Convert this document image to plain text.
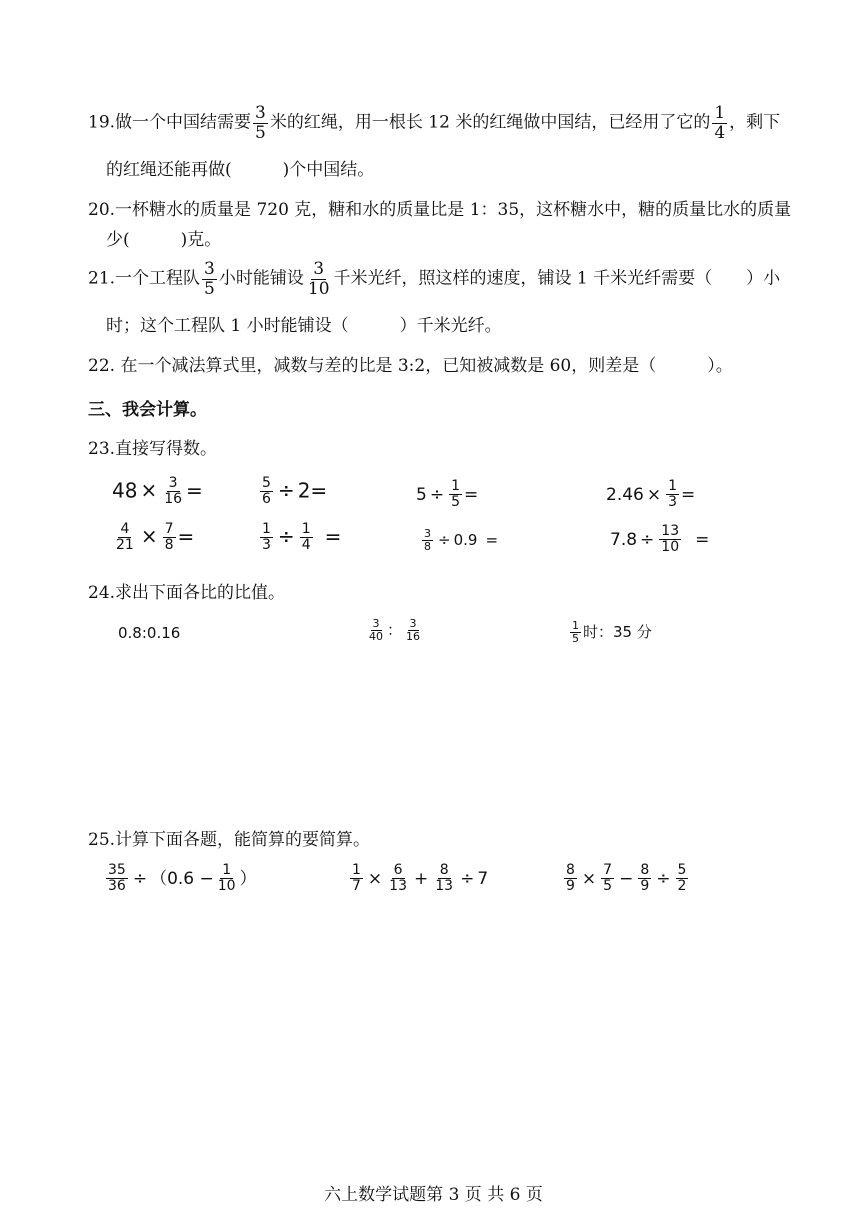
19.做一个中国结需要 $\frac{3}{5}$ 米的红绳，用一根长 12 米的红绳做中国结，已经用了它的 $\frac{1}{4}$ ，剩下
的红绳还能再做(　　　)个中国结。
20.一杯糖水的质量是 720 克，糖和水的质量比是 1：35，这杯糖水中，糖的质量比水的质量
少(　　　)克。
21.一个工程队 $\frac{3}{5}$ 小时能铺设 $\frac{3}{10}$ 千米光纤，照这样的速度，铺设 1 千米光纤需要（　　）小
时；这个工程队 1 小时能铺设（　　　）千米光纤。
22. 在一个减法算式里，减数与差的比是 3:2，已知被减数是 60，则差是（　　　）。
三、我会计算。
23.直接写得数。
$48 \times \frac{3}{16}$ =	$\frac{5}{6} \div 2=$	$5 \div \frac{1}{5}$ =	$2.46 \times \frac{1}{3}$ =
$\frac{4}{21} \times \frac{7}{8}$ =	$\frac{1}{3} \div \frac{1}{4}$ =	$\frac{3}{8} \div 0.9$ =	$7.8 \div \frac{13}{10}$ =
24.求出下面各比的比值。
0.8:0.16	$\frac{3}{40}$ ： $\frac{3}{16}$	$\frac{1}{5}$ 时：35 分
25.计算下面各题，能简算的要简算。
$\frac{35}{36} \div (0.6 - \frac{1}{10}$ ）	$\frac{1}{7} \times \frac{6}{13} + \frac{8}{13} \div 7$	$\frac{8}{9} \times \frac{7}{5} - \frac{8}{9} \div \frac{5}{2}$
六上数学试题第 3 页 共 6 页
